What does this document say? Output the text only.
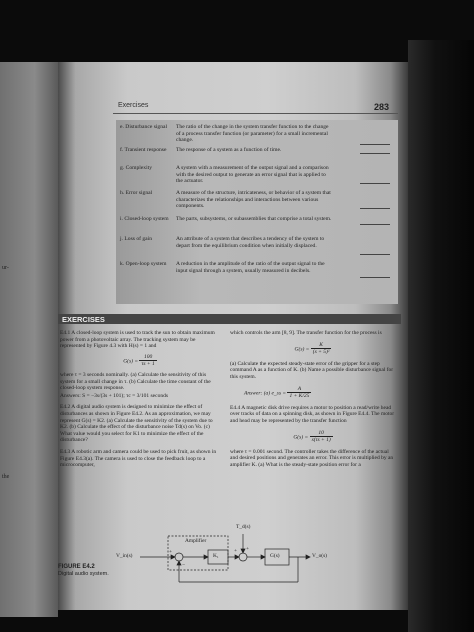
ur-
the
Exercises	283
e. Disturbance signal	The ratio of the change in the system transfer function to the change of a process transfer function (or parameter) for a small incremental change.
f. Transient response	The response of a system as a function of time.
g. Complexity	A system with a measurement of the output signal and a comparison with the desired output to generate an error signal that is applied to the actuator.
h. Error signal	A measure of the structure, intricateness, or behavior of a system that characterizes the relationships and interactions between various components.
i. Closed-loop system	The parts, subsystems, or subassemblies that comprise a total system.
j. Loss of gain	An attribute of a system that describes a tendency of the system to depart from the equilibrium condition when initially displaced.
k. Open-loop system	A reduction in the amplitude of the ratio of the output signal to the input signal through a system, usually measured in decibels.
EXERCISES

E4.1 A closed-loop system is used to track the sun to obtain maximum power from a photovoltaic array. The tracking system may be represented by Figure 4.3 with H(s) = 1 and

$G(s) = \frac{100}{\tau s + 1}$

where τ = 3 seconds nominally. (a) Calculate the sensitivity of this system for a small change in τ. (b) Calculate the time constant of the closed-loop system response.

Answers: S = −3s/(3s + 101); τc = 3/101 seconds

E4.2 A digital audio system is designed to minimize the effect of disturbances as shown in Figure E4.2. As an approximation, we may represent G(s) = K2. (a) Calculate the sensitivity of the system due to K2. (b) Calculate the effect of the disturbance noise Td(s) on Vo. (c) What value would you select for K1 to minimize the effect of the disturbance?

E4.3 A robotic arm and camera could be used to pick fruit, as shown in Figure E4.3(a). The camera is used to close the feedback loop to a microcomputer,

which controls the arm [8, 9]. The transfer function for the process is

$G(s) = \frac{K}{\text{(s + 5)²}}$

(a) Calculate the expected steady-state error of the gripper for a step command A as a function of K. (b) Name a possible disturbance signal for this system.

Answer: (a) e_ss = $\frac{A}{1 + K/25}$

E4.4 A magnetic disk drive requires a motor to position a read/write head over tracks of data on a spinning disk, as shown in Figure E4.4. The motor and head may be represented by the transfer function

$G(s) = \frac{10}{s(\tau s + 1)}$

where τ = 0.001 second. The controller takes the difference of the actual and desired positions and generates an error. This error is multiplied by an amplifier K. (a) What is the steady-state position error for a

FIGURE E4.2
Digital audio system.
V_in(s)	V_o(s)
T_d(s)
Amplifier
K₁	G(s)
+
−
+ +
